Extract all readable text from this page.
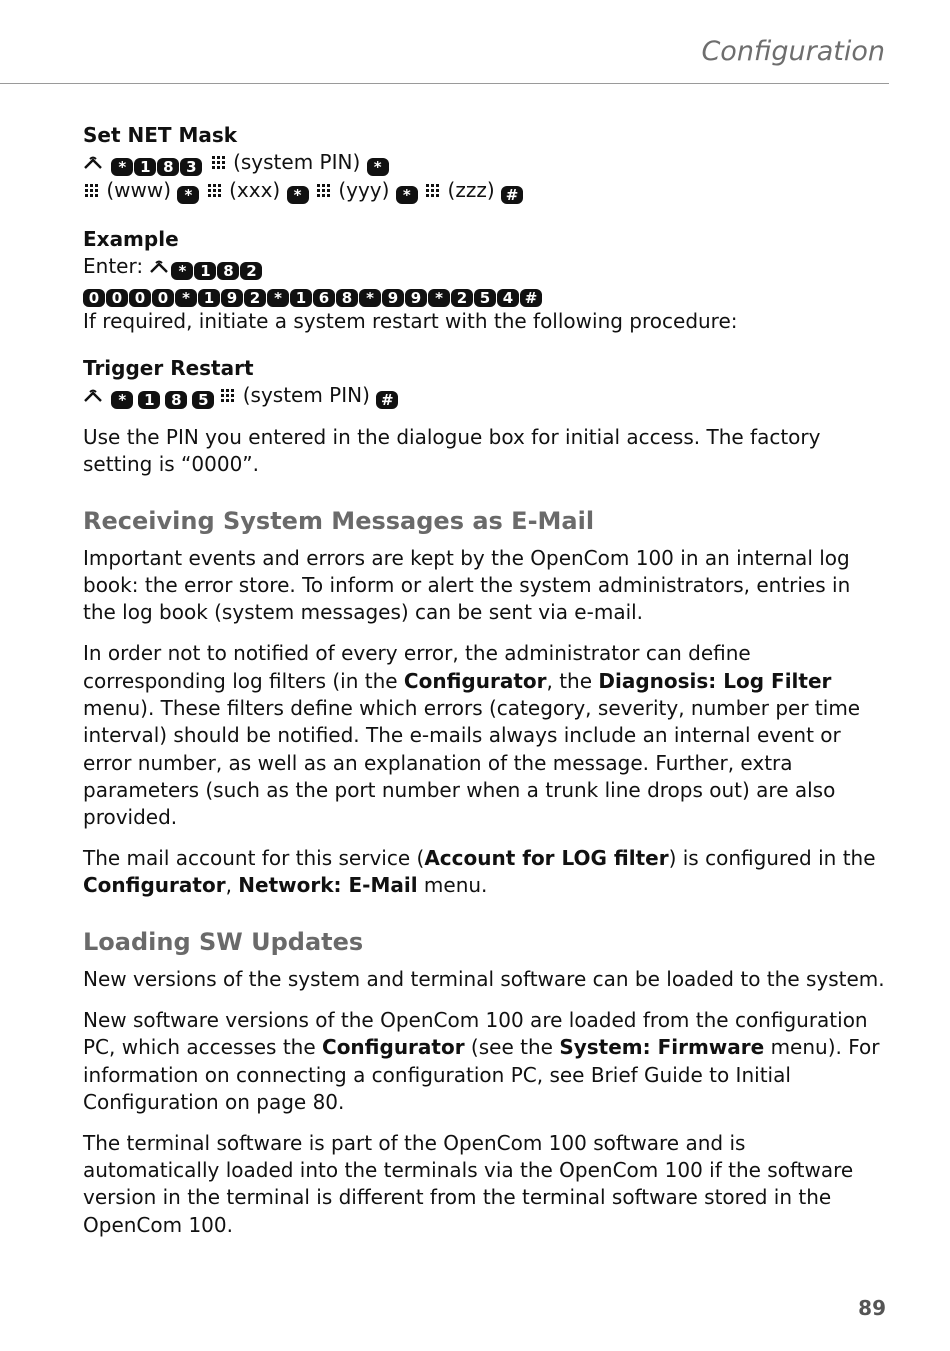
Configuration
Set NET Mask
* 1 8 3 (system PIN) *
(www) * (xxx) * (yyy) * (zzz) #
Example
Enter: * 1 8 2
0 0 0 0 * 1 9 2 * 1 6 8 * 9 9 * 2 5 4 #

If required, initiate a system restart with the following procedure:

Trigger Restart
* 1 8 5 (system PIN) #

Use the PIN you entered in the dialogue box for initial access. The factory setting is “0000”.

Receiving System Messages as E-Mail

Important events and errors are kept by the OpenCom 100 in an internal log book: the error store. To inform or alert the system administrators, entries in the log book (system messages) can be sent via e-mail.

In order not to notified of every error, the administrator can define corresponding log filters (in the Configurator, the Diagnosis: Log Filter menu). These filters define which errors (category, severity, number per time interval) should be notified. The e-mails always include an internal event or error number, as well as an explanation of the message. Further, extra parameters (such as the port number when a trunk line drops out) are also provided.

The mail account for this service (Account for LOG filter) is configured in the Configurator, Network: E-Mail menu.

Loading SW Updates

New versions of the system and terminal software can be loaded to the system.

New software versions of the OpenCom 100 are loaded from the configuration PC, which accesses the Configurator (see the System: Firmware menu). For information on connecting a configuration PC, see Brief Guide to Initial Configuration on page 80.

The terminal software is part of the OpenCom 100 software and is automatically loaded into the terminals via the OpenCom 100 if the software version in the terminal is different from the terminal software stored in the OpenCom 100.

89
